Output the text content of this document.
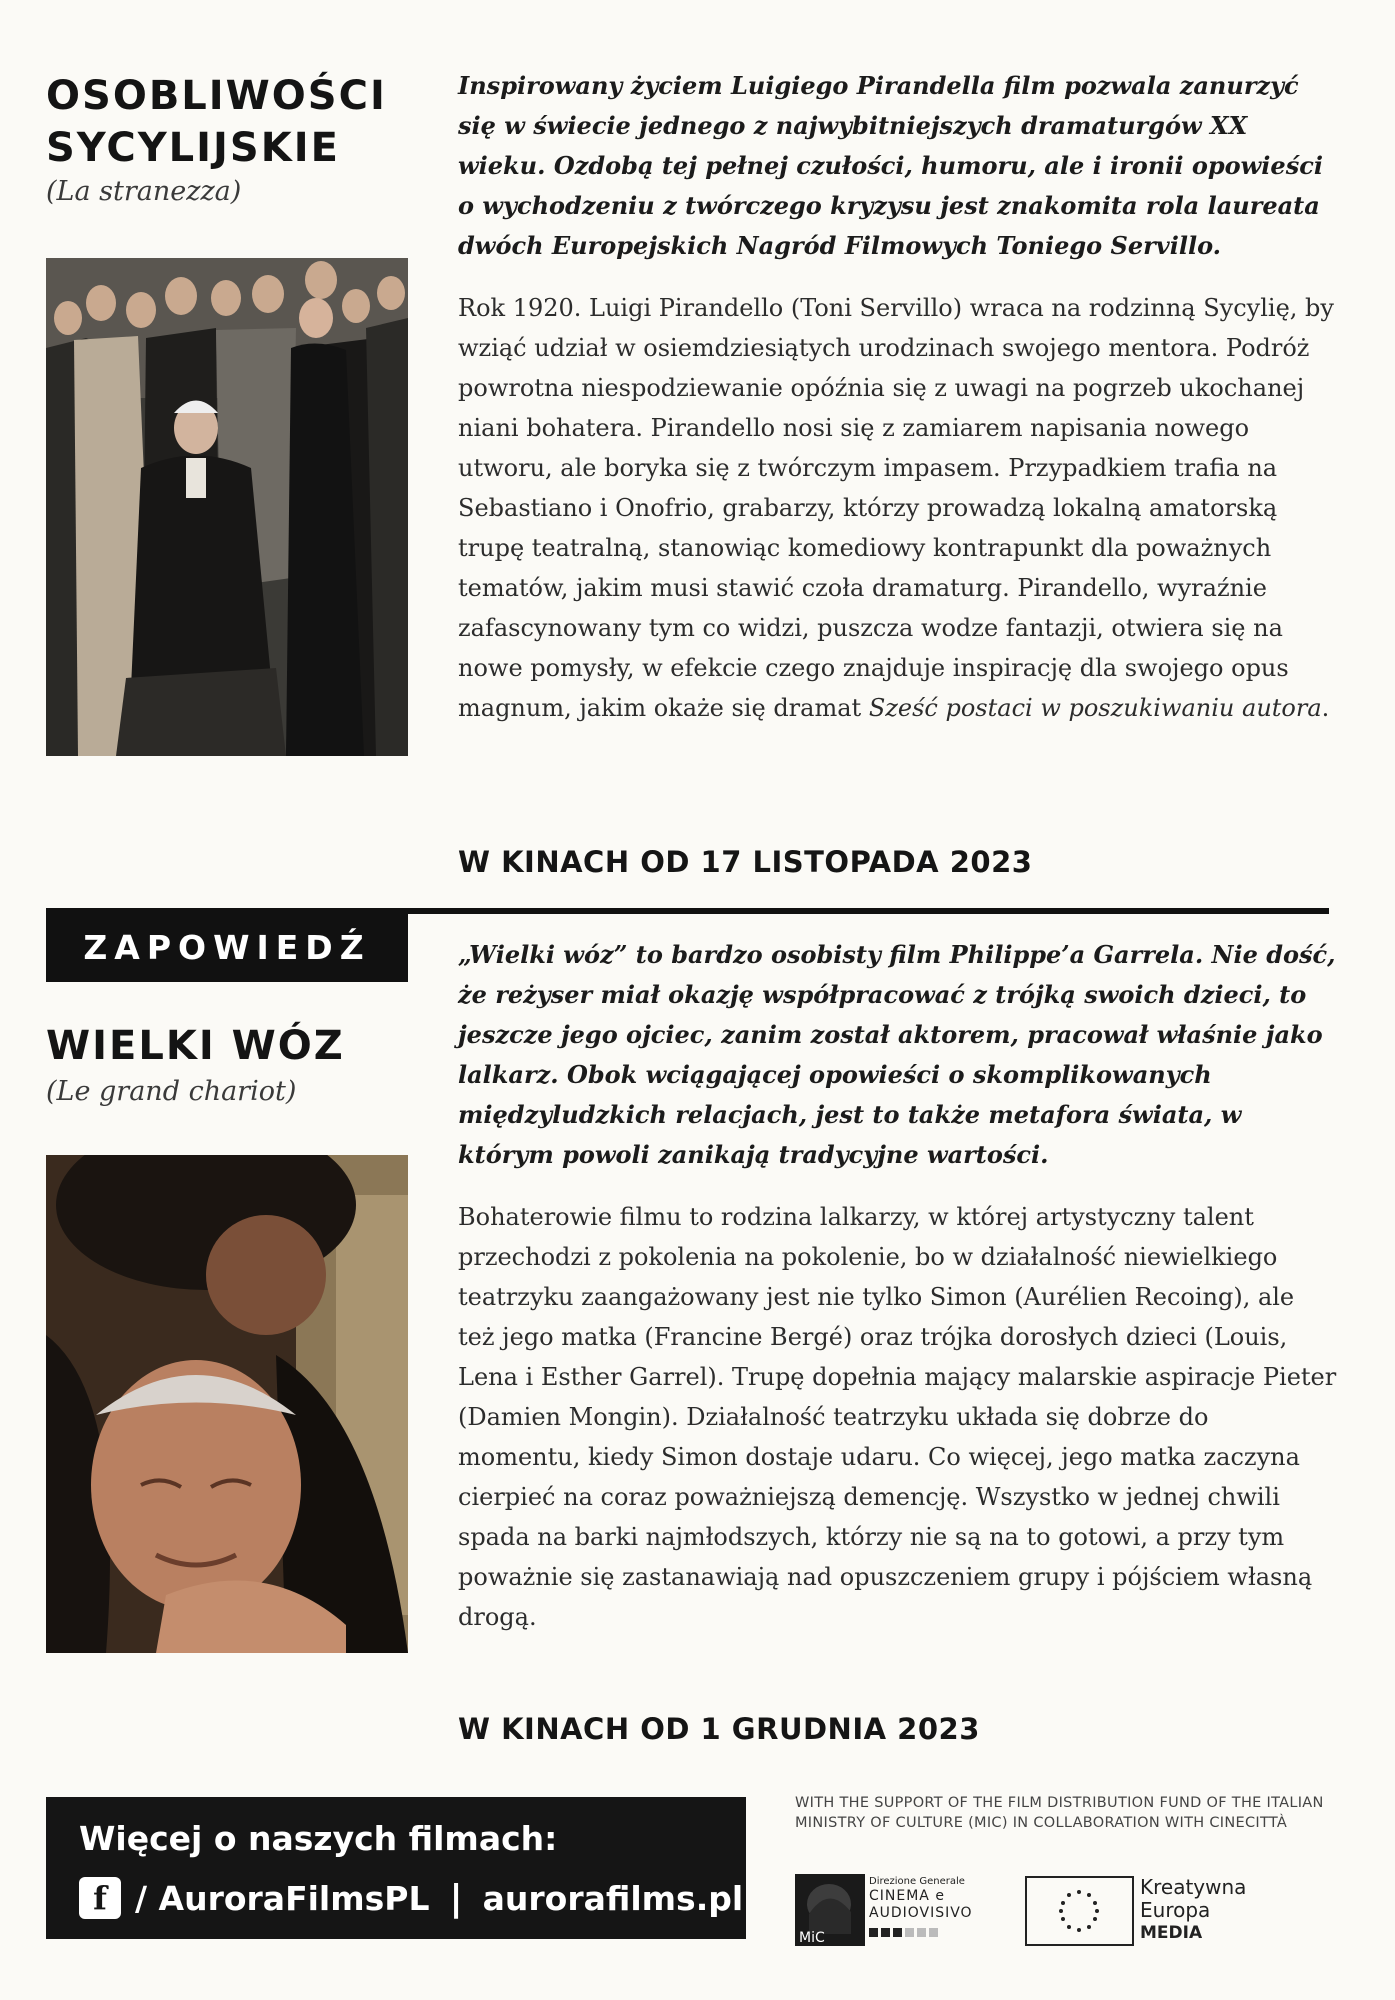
OSOBLIWOŚCI
SYCYLIJSKIE
(La stranezza)

Inspirowany życiem Luigiego Pirandella film pozwala zanurzyć się w świecie jednego z najwybitniejszych dramaturgów XX wieku. Ozdobą tej pełnej czułości, humoru, ale i ironii opowieści o wychodzeniu z twórczego kryzysu jest znakomita rola laureata dwóch Europejskich Nagród Filmowych Toniego Servillo.

Rok 1920. Luigi Pirandello (Toni Servillo) wraca na rodzinną Sycylię, by wziąć udział w osiemdziesiątych urodzinach swojego mentora. Podróż powrotna niespodziewanie opóźnia się z uwagi na pogrzeb ukochanej niani bohatera. Pirandello nosi się z zamiarem napisania nowego utworu, ale boryka się z twórczym impasem. Przypadkiem trafia na Sebastiano i Onofrio, grabarzy, którzy prowadzą lokalną amatorską trupę teatralną, stanowiąc komediowy kontrapunkt dla poważnych tematów, jakim musi stawić czoła dramaturg. Pirandello, wyraźnie zafascynowany tym co widzi, puszcza wodze fantazji, otwiera się na nowe pomysły, w efekcie czego znajduje inspirację dla swojego opus magnum, jakim okaże się dramat Sześć postaci w poszukiwaniu autora.

W KINACH OD 17 LISTOPADA 2023
ZAPOWIEDŹ
WIELKI WÓZ
(Le grand chariot)

„Wielki wóz” to bardzo osobisty film Philippe’a Garrela. Nie dość, że reżyser miał okazję współpracować z trójką swoich dzieci, to jeszcze jego ojciec, zanim został aktorem, pracował właśnie jako lalkarz. Obok wciągającej opowieści o skomplikowanych międzyludzkich relacjach, jest to także metafora świata, w którym powoli zanikają tradycyjne wartości.

Bohaterowie filmu to rodzina lalkarzy, w której artystyczny talent przechodzi z pokolenia na pokolenie, bo w działalność niewielkiego teatrzyku zaangażowany jest nie tylko Simon (Aurélien Recoing), ale też jego matka (Francine Bergé) oraz trójka dorosłych dzieci (Louis, Lena i Esther Garrel). Trupę dopełnia mający malarskie aspiracje Pieter (Damien Mongin). Działalność teatrzyku układa się dobrze do momentu, kiedy Simon dostaje udaru. Co więcej, jego matka zaczyna cierpieć na coraz poważniejszą demencję. Wszystko w jednej chwili spada na barki najmłodszych, którzy nie są na to gotowi, a przy tym poważnie się zastanawiają nad opuszczeniem grupy i pójściem własną drogą.

W KINACH OD 1 GRUDNIA 2023
Więcej o naszych filmach:
f / AuroraFilmsPL | aurorafilms.pl
WITH THE SUPPORT OF THE FILM DISTRIBUTION FUND OF THE ITALIAN MINISTRY OF CULTURE (MIC) IN COLLABORATION WITH CINECITTÀ
MiC
Direzione Generale
CINEMA e
AUDIOVISIVO
Kreatywna
Europa
MEDIA
